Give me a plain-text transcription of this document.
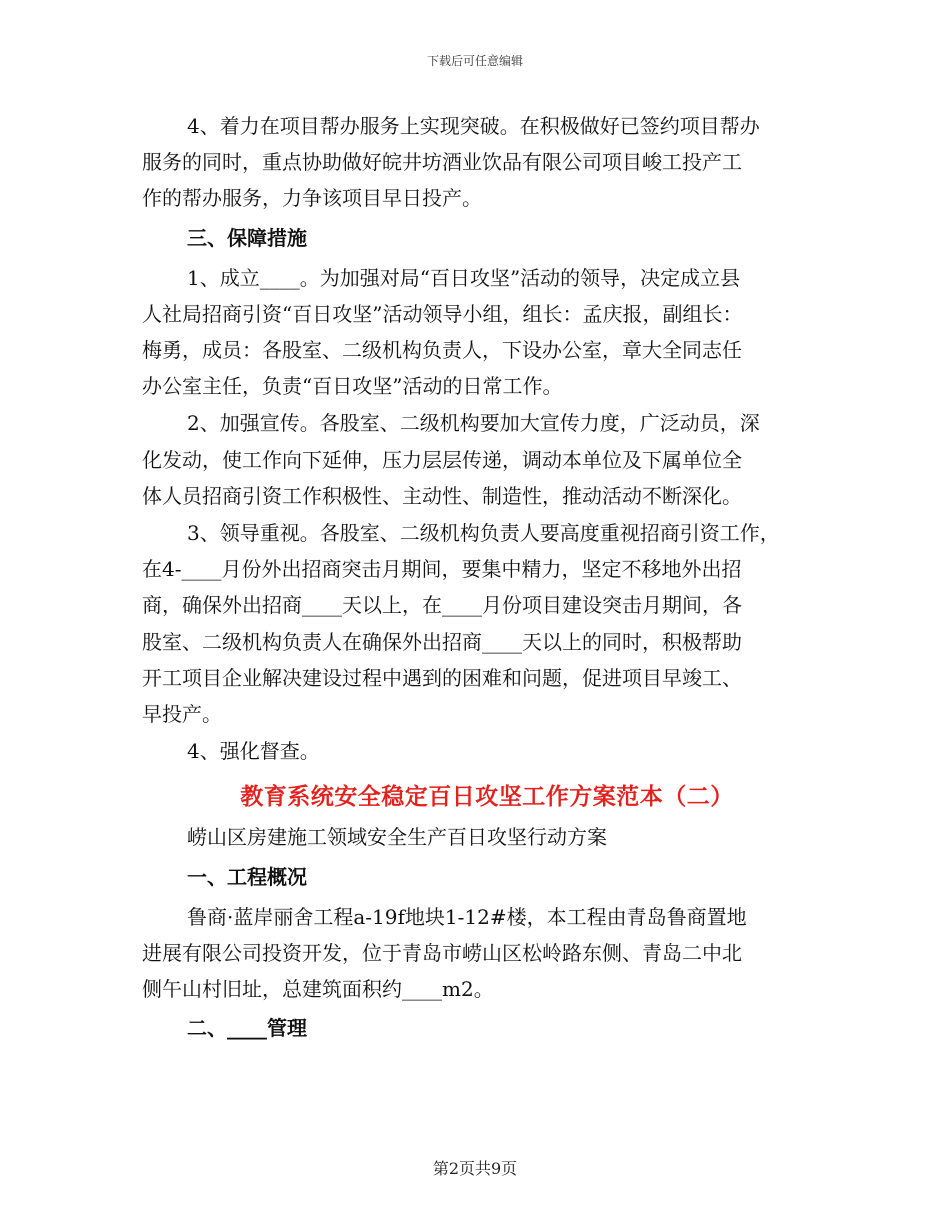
下载后可任意编辑
4、着力在项目帮办服务上实现突破。在积极做好已签约项目帮办
服务的同时，重点协助做好皖井坊酒业饮品有限公司项目峻工投产工
作的帮办服务，力争该项目早日投产。
三、保障措施
1、成立____。为加强对局“百日攻坚”活动的领导，决定成立县
人社局招商引资“百日攻坚”活动领导小组，组长：孟庆报，副组长：
梅勇，成员：各股室、二级机构负责人，下设办公室，章大全同志任
办公室主任，负责“百日攻坚”活动的日常工作。
2、加强宣传。各股室、二级机构要加大宣传力度，广泛动员，深
化发动，使工作向下延伸，压力层层传递，调动本单位及下属单位全
体人员招商引资工作积极性、主动性、制造性，推动活动不断深化。
3、领导重视。各股室、二级机构负责人要高度重视招商引资工作，
在4-____月份外出招商突击月期间，要集中精力，坚定不移地外出招
商，确保外出招商____天以上，在____月份项目建设突击月期间，各
股室、二级机构负责人在确保外出招商____天以上的同时，积极帮助
开工项目企业解决建设过程中遇到的困难和问题，促进项目早竣工、
早投产。
4、强化督查。
教育系统安全稳定百日攻坚工作方案范本（二）
崂山区房建施工领域安全生产百日攻坚行动方案
一、工程概况
鲁商·蓝岸丽舍工程a-19f地块1-12#楼，本工程由青岛鲁商置地
进展有限公司投资开发，位于青岛市崂山区松岭路东侧、青岛二中北
侧午山村旧址，总建筑面积约____m2。
二、____管理
第2页共9页
